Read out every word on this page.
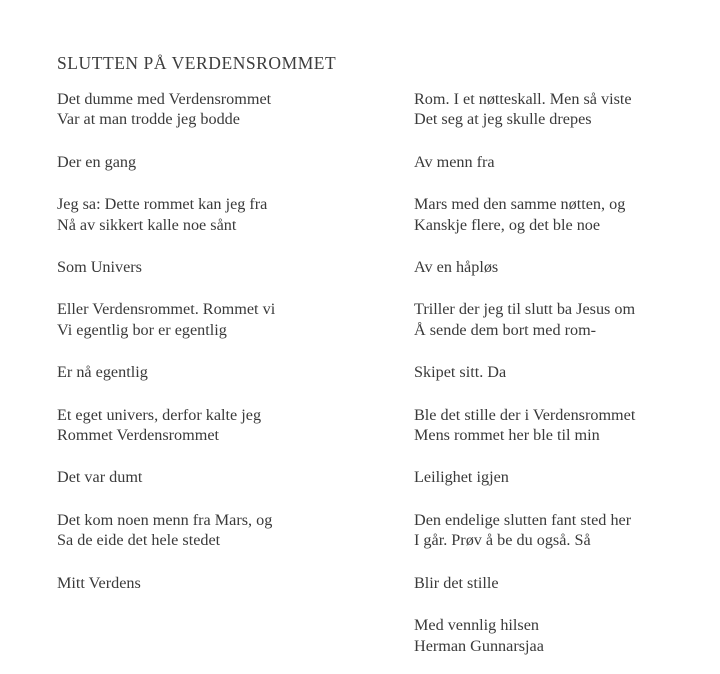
SLUTTEN PÅ VERDENSROMMET
Det dumme med Verdensrommet
Var at man trodde jeg bodde
Der en gang
Jeg sa: Dette rommet kan jeg fra
Nå av sikkert kalle noe sånt
Som Univers
Eller Verdensrommet. Rommet vi
Vi egentlig bor er egentlig
Er nå egentlig
Et eget univers, derfor kalte jeg
Rommet Verdensrommet
Det var dumt
Det kom noen menn fra Mars, og
Sa de eide det hele stedet
Mitt Verdens
Rom. I et nøtteskall. Men så viste
Det seg at jeg skulle drepes
Av menn fra
Mars med den samme nøtten, og
Kanskje flere, og det ble noe
Av en håpløs
Triller der jeg til slutt ba Jesus om
Å sende dem bort med rom-
Skipet sitt. Da
Ble det stille der i Verdensrommet
Mens rommet her ble til min
Leilighet igjen
Den endelige slutten fant sted her
I går. Prøv å be du også. Så
Blir det stille
Med vennlig hilsen
Herman Gunnarsjaa
